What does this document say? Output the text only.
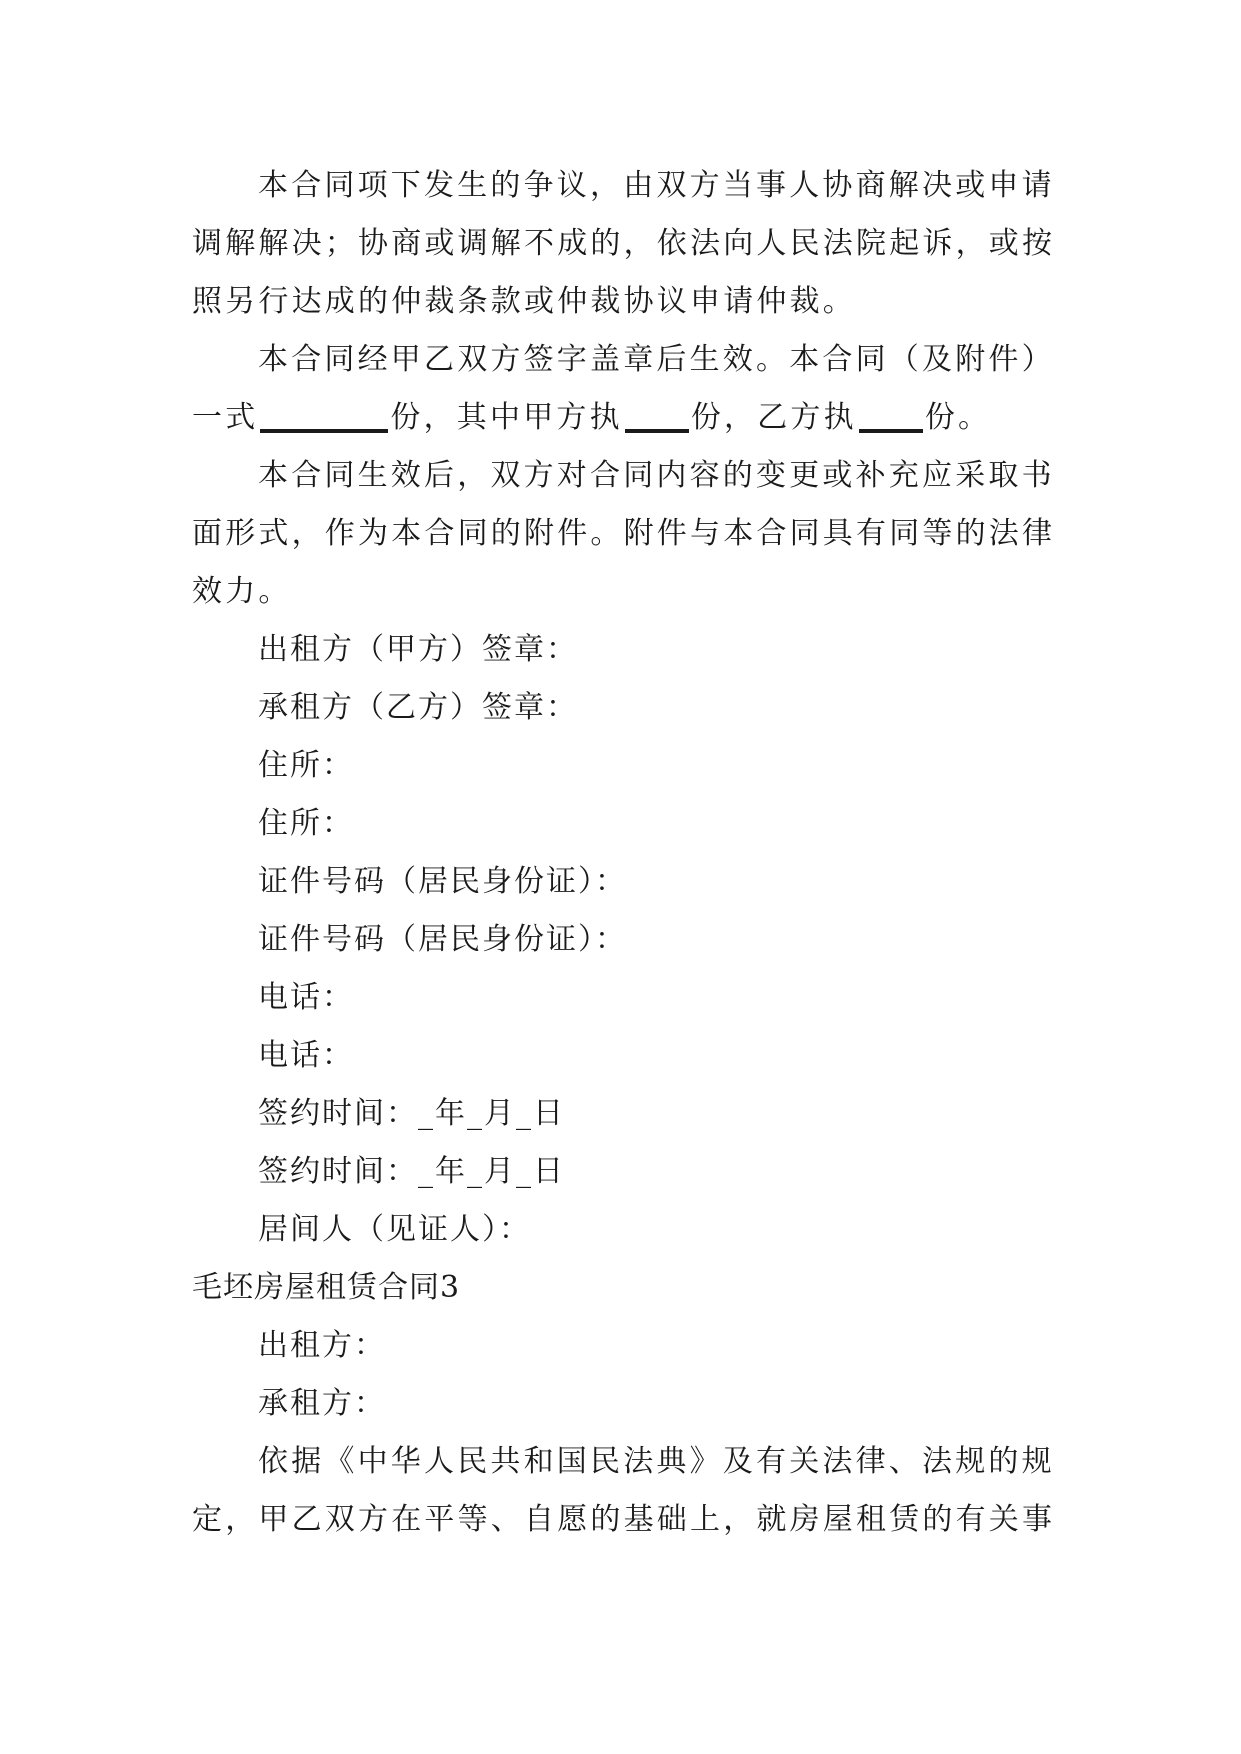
本合同项下发生的争议，由双方当事人协商解决或申请
调解解决；协商或调解不成的，依法向人民法院起诉，或按
照另行达成的仲裁条款或仲裁协议申请仲裁。
本合同经甲乙双方签字盖章后生效。本合同（及附件）
一式	份，其中甲方执 份，乙方执 份。
本合同生效后，双方对合同内容的变更或补充应采取书
面形式，作为本合同的附件。附件与本合同具有同等的法律
效力。
出租方（甲方）签章：
承租方（乙方）签章：
住所：
住所：
证件号码（居民身份证）：
证件号码（居民身份证）：
电话：
电话：
签约时间：_年_月_日
签约时间：_年_月_日
居间人（见证人）：
毛坯房屋租赁合同3
出租方：
承租方：
依据《中华人民共和国民法典》及有关法律、法规的规
定，甲乙双方在平等、自愿的基础上，就房屋租赁的有关事
